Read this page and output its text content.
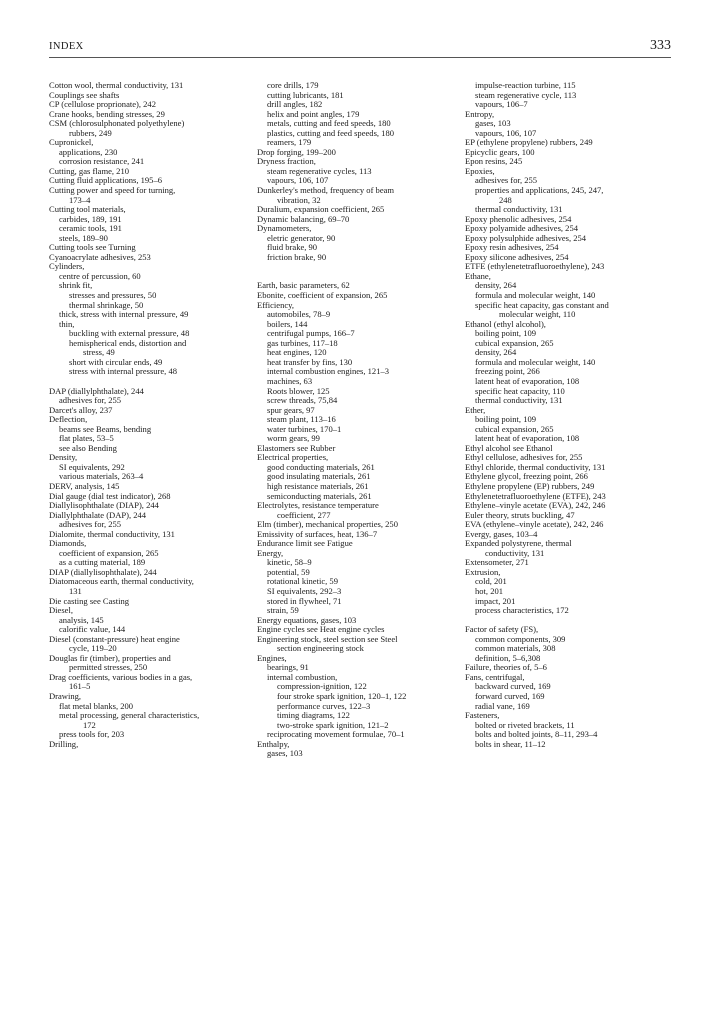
INDEX	333
Cotton wool, thermal conductivity, 131
Couplings see shafts
CP (cellulose proprionate), 242
Crane hooks, bending stresses, 29
CSM (chlorosulphonated polyethylene)
rubbers, 249
Cupronickel,
applications, 230
corrosion resistance, 241
Cutting, gas flame, 210
Cutting fluid applications, 195–6
Cutting power and speed for turning,
173–4
Cutting tool materials,
carbides, 189, 191
ceramic tools, 191
steels, 189–90
Cutting tools see Turning
Cyanoacrylate adhesives, 253
Cylinders,
centre of percussion, 60
shrink fit,
stresses and pressures, 50
thermal shrinkage, 50
thick, stress with internal pressure, 49
thin,
buckling with external pressure, 48
hemispherical ends, distortion and
stress, 49
short with circular ends, 49
stress with internal pressure, 48
DAP (diallylphthalate), 244
adhesives for, 255
Darcet's alloy, 237
Deflection,
beams see Beams, bending
flat plates, 53–5
see also Bending
Density,
SI equivalents, 292
various materials, 263–4
DERV, analysis, 145
Dial gauge (dial test indicator), 268
Diallylisophthalate (DIAP), 244
Diallylphthalate (DAP), 244
adhesives for, 255
Dialomite, thermal conductivity, 131
Diamonds,
coefficient of expansion, 265
as a cutting material, 189
DIAP (diallylisophthalate), 244
Diatomaceous earth, thermal conductivity,
131
Die casting see Casting
Diesel,
analysis, 145
calorific value, 144
Diesel (constant-pressure) heat engine
cycle, 119–20
Douglas fir (timber), properties and
permitted stresses, 250
Drag coefficients, various bodies in a gas,
161–5
Drawing,
flat metal blanks, 200
metal processing, general characteristics,
172
press tools for, 203
Drilling,
core drills, 179
cutting lubricants, 181
drill angles, 182
helix and point angles, 179
metals, cutting and feed speeds, 180
plastics, cutting and feed speeds, 180
reamers, 179
Drop forging, 199–200
Dryness fraction,
steam regenerative cycles, 113
vapours, 106, 107
Dunkerley's method, frequency of beam
vibration, 32
Duralium, expansion coefficient, 265
Dynamic balancing, 69–70
Dynamometers,
eletric generator, 90
fluid brake, 90
friction brake, 90
Earth, basic parameters, 62
Ebonite, coefficient of expansion, 265
Efficiency,
automobiles, 78–9
boilers, 144
centrifugal pumps, 166–7
gas turbines, 117–18
heat engines, 120
heat transfer by fins, 130
internal combustion engines, 121–3
machines, 63
Roots blower, 125
screw threads, 75,84
spur gears, 97
steam plant, 113–16
water turbines, 170–1
worm gears, 99
Elastomers see Rubber
Electrical properties,
good conducting materials, 261
good insulating materials, 261
high resistance materials, 261
semiconducting materials, 261
Electrolytes, resistance temperature
coefficient, 277
Elm (timber), mechanical properties, 250
Emissivity of surfaces, heat, 136–7
Endurance limit see Fatigue
Energy,
kinetic, 58–9
potential, 59
rotational kinetic, 59
SI equivalents, 292–3
stored in flywheel, 71
strain, 59
Energy equations, gases, 103
Engine cycles see Heat engine cycles
Engineering stock, steel section see Steel
section engineering stock
Engines,
bearings, 91
internal combustion,
compression-ignition, 122
four stroke spark ignition, 120–1, 122
performance curves, 122–3
timing diagrams, 122
two-stroke spark ignition, 121–2
reciprocating movement formulae, 70–1
Enthalpy,
gases, 103
impulse-reaction turbine, 115
steam regenerative cycle, 113
vapours, 106–7
Entropy,
gases, 103
vapours, 106, 107
EP (ethylene propylene) rubbers, 249
Epicyclic gears, 100
Epon resins, 245
Epoxies,
adhesives for, 255
properties and applications, 245, 247,
248
thermal conductivity, 131
Epoxy phenolic adhesives, 254
Epoxy polyamide adhesives, 254
Epoxy polysulphide adhesives, 254
Epoxy resin adhesives, 254
Epoxy silicone adhesives, 254
ETFE (ethylenetetrafluoroethylene), 243
Ethane,
density, 264
formula and molecular weight, 140
specific heat capacity, gas constant and
molecular weight, 110
Ethanol (ethyl alcohol),
boiling point, 109
cubical expansion, 265
density, 264
formula and molecular weight, 140
freezing point, 266
latent heat of evaporation, 108
specific heat capacity, 110
thermal conductivity, 131
Ether,
boiling point, 109
cubical expansion, 265
latent heat of evaporation, 108
Ethyl alcohol see Ethanol
Ethyl cellulose, adhesives for, 255
Ethyl chloride, thermal conductivity, 131
Ethylene glycol, freezing point, 266
Ethylene propylene (EP) rubbers, 249
Ethylenetetrafluoroethylene (ETFE), 243
Ethylene–vinyle acetate (EVA), 242, 246
Euler theory, struts buckling, 47
EVA (ethylene–vinyle acetate), 242, 246
Evergy, gases, 103–4
Expanded polystyrene, thermal
conductivity, 131
Extensometer, 271
Extrusion,
cold, 201
hot, 201
impact, 201
process characteristics, 172
Factor of safety (FS),
common components, 309
common materials, 308
definition, 5–6,308
Failure, theories of, 5–6
Fans, centrifugal,
backward curved, 169
forward curved, 169
radial vane, 169
Fasteners,
bolted or riveted brackets, 11
bolts and bolted joints, 8–11, 293–4
bolts in shear, 11–12
